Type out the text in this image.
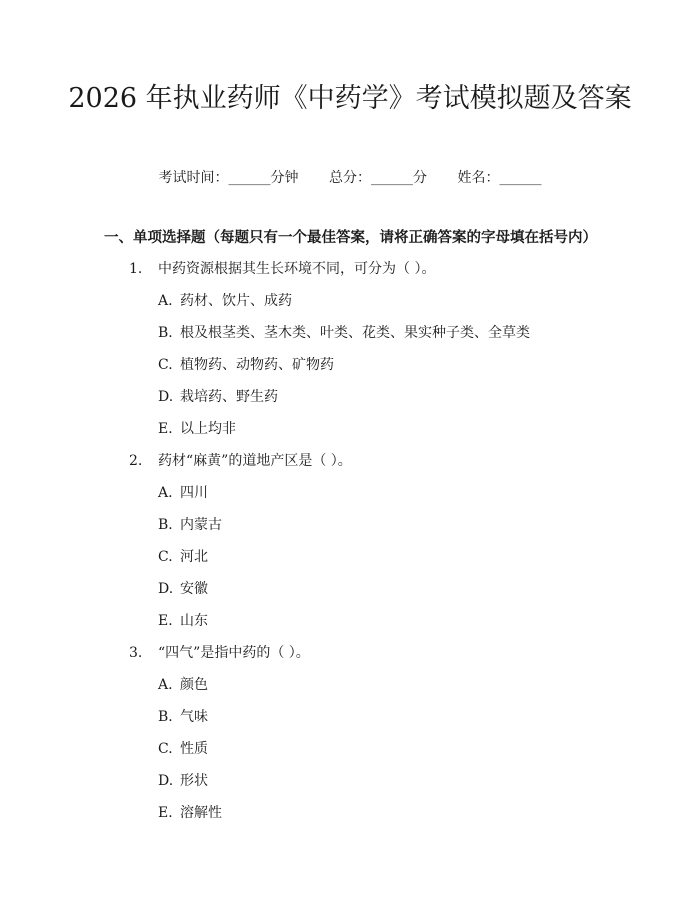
2026 年执业药师《中药学》考试模拟题及答案
考试时间：______分钟 总分：______分 姓名：______
一、单项选择题（每题只有一个最佳答案，请将正确答案的字母填在括号内）
1. 中药资源根据其生长环境不同，可分为（ ）。
A. 药材、饮片、成药
B. 根及根茎类、茎木类、叶类、花类、果实种子类、全草类
C. 植物药、动物药、矿物药
D. 栽培药、野生药
E. 以上均非
2. 药材“麻黄”的道地产区是（ ）。
A. 四川
B. 内蒙古
C. 河北
D. 安徽
E. 山东
3. “四气”是指中药的（ ）。
A. 颜色
B. 气味
C. 性质
D. 形状
E. 溶解性
